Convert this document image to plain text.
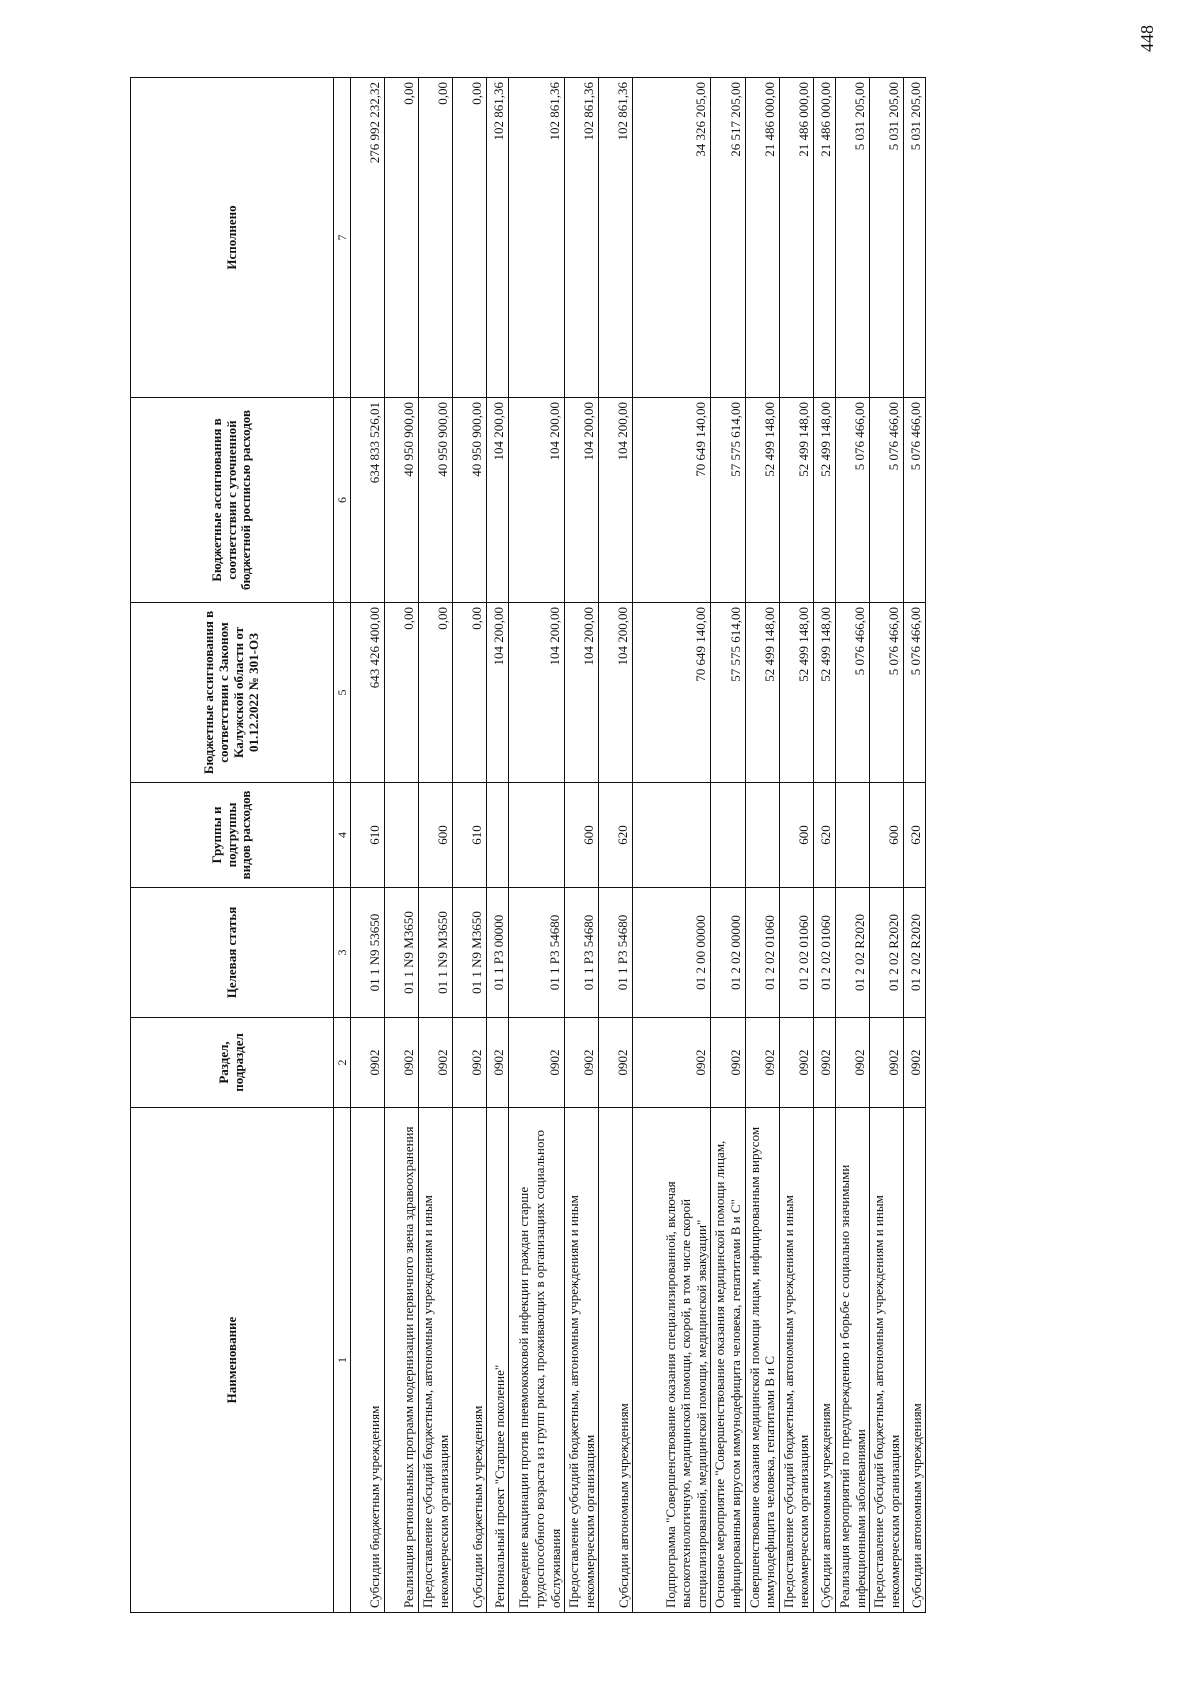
448
Наименование	Раздел, подраздел	Целевая статья	Группы и подгруппы видов расходов	Бюджетные ассигнования в соответствии с Законом Калужской области от 01.12.2022 № 301-ОЗ	Бюджетные ассигнования в соответствии с уточненной бюджетной росписью расходов	Исполнено
1	2	3	4	5	6	7
Субсидии бюджетным учреждениям	0902	01 1 N9 53650	610	643 426 400,00	634 833 526,01	276 992 232,32
Реализация региональных программ модернизации первичного звена здравоохранения	0902	01 1 N9 M3650		0,00	40 950 900,00	0,00
Предоставление субсидий бюджетным, автономным учреждениям и иным некоммерческим организациям	0902	01 1 N9 M3650	600	0,00	40 950 900,00	0,00
Субсидии бюджетным учреждениям	0902	01 1 N9 M3650	610	0,00	40 950 900,00	0,00
Региональный проект "Старшее поколение"	0902	01 1 P3 00000		104 200,00	104 200,00	102 861,36
Проведение вакцинации против пневмококковой инфекции граждан старше трудоспособного возраста из групп риска, проживающих в организациях социального обслуживания	0902	01 1 P3 54680		104 200,00	104 200,00	102 861,36
Предоставление субсидий бюджетным, автономным учреждениям и иным некоммерческим организациям	0902	01 1 P3 54680	600	104 200,00	104 200,00	102 861,36
Субсидии автономным учреждениям	0902	01 1 P3 54680	620	104 200,00	104 200,00	102 861,36
Подпрограмма "Совершенствование оказания специализированной, включая высокотехнологичную, медицинской помощи, скорой, в том числе скорой специализированной, медицинской помощи, медицинской эвакуации"	0902	01 2 00 00000		70 649 140,00	70 649 140,00	34 326 205,00
Основное мероприятие "Совершенствование оказания медицинской помощи лицам, инфицированным вирусом иммунодефицита человека, гепатитами В и С"	0902	01 2 02 00000		57 575 614,00	57 575 614,00	26 517 205,00
Совершенствование оказания медицинской помощи лицам, инфицированным вирусом иммунодефицита человека, гепатитами В и С	0902	01 2 02 01060		52 499 148,00	52 499 148,00	21 486 000,00
Предоставление субсидий бюджетным, автономным учреждениям и иным некоммерческим организациям	0902	01 2 02 01060	600	52 499 148,00	52 499 148,00	21 486 000,00
Субсидии автономным учреждениям	0902	01 2 02 01060	620	52 499 148,00	52 499 148,00	21 486 000,00
Реализация мероприятий по предупреждению и борьбе с социально значимыми инфекционными заболеваниями	0902	01 2 02 R2020		5 076 466,00	5 076 466,00	5 031 205,00
Предоставление субсидий бюджетным, автономным учреждениям и иным некоммерческим организациям	0902	01 2 02 R2020	600	5 076 466,00	5 076 466,00	5 031 205,00
Субсидии автономным учреждениям	0902	01 2 02 R2020	620	5 076 466,00	5 076 466,00	5 031 205,00
